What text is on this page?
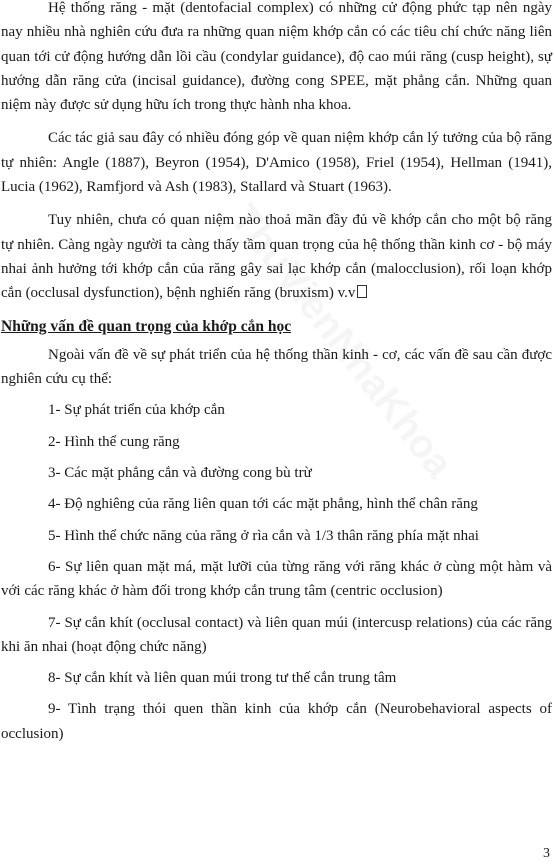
Hệ thống răng - mặt (dentofacial complex) có những cử động phức tạp nên ngày nay nhiều nhà nghiên cứu đưa ra những quan niệm khớp cắn có các tiêu chí chức năng liên quan tới cử động hướng dẫn lồi cầu (condylar guidance), độ cao múi răng (cusp height), sự hướng dẫn răng cửa (incisal guidance), đường cong SPEE, mặt phẳng cắn. Những quan niệm này được sử dụng hữu ích trong thực hành nha khoa.

Các tác giả sau đây có nhiều đóng góp về quan niệm khớp cắn lý tưởng của bộ răng tự nhiên: Angle (1887), Beyron (1954), D'Amico (1958), Friel (1954), Hellman (1941), Lucia (1962), Ramfjord và Ash (1983), Stallard và Stuart (1963).

Tuy nhiên, chưa có quan niệm nào thoả mãn đầy đủ về khớp cắn cho một bộ răng tự nhiên. Càng ngày người ta càng thấy tầm quan trọng của hệ thống thần kinh cơ - bộ máy nhai ảnh hưởng tới khớp cắn của răng gây sai lạc khớp cắn (malocclusion), rối loạn khớp cắn (occlusal dysfunction), bệnh nghiến răng (bruxism) v.v

Những vấn đề quan trọng của khớp cắn học

Ngoài vấn đề về sự phát triển của hệ thống thần kinh - cơ, các vấn đề sau cần được nghiên cứu cụ thể:

1- Sự phát triển của khớp cắn

2- Hình thể cung răng

3- Các mặt phẳng cắn và đường cong bù trừ

4- Độ nghiêng của răng liên quan tới các mặt phẳng, hình thể chân răng

5- Hình thể chức năng của răng ở rìa cắn và 1/3 thân răng phía mặt nhai

6- Sự liên quan mặt má, mặt lưỡi của từng răng với răng khác ở cùng một hàm và với các răng khác ở hàm đối trong khớp cắn trung tâm (centric occlusion)

7- Sự cắn khít (occlusal contact) và liên quan múi (intercusp relations) của các răng khi ăn nhai (hoạt động chức năng)

8- Sự cắn khít và liên quan múi trong tư thế cắn trung tâm

9- Tình trạng thói quen thần kinh của khớp cắn (Neurobehavioral aspects of occlusion)

3
